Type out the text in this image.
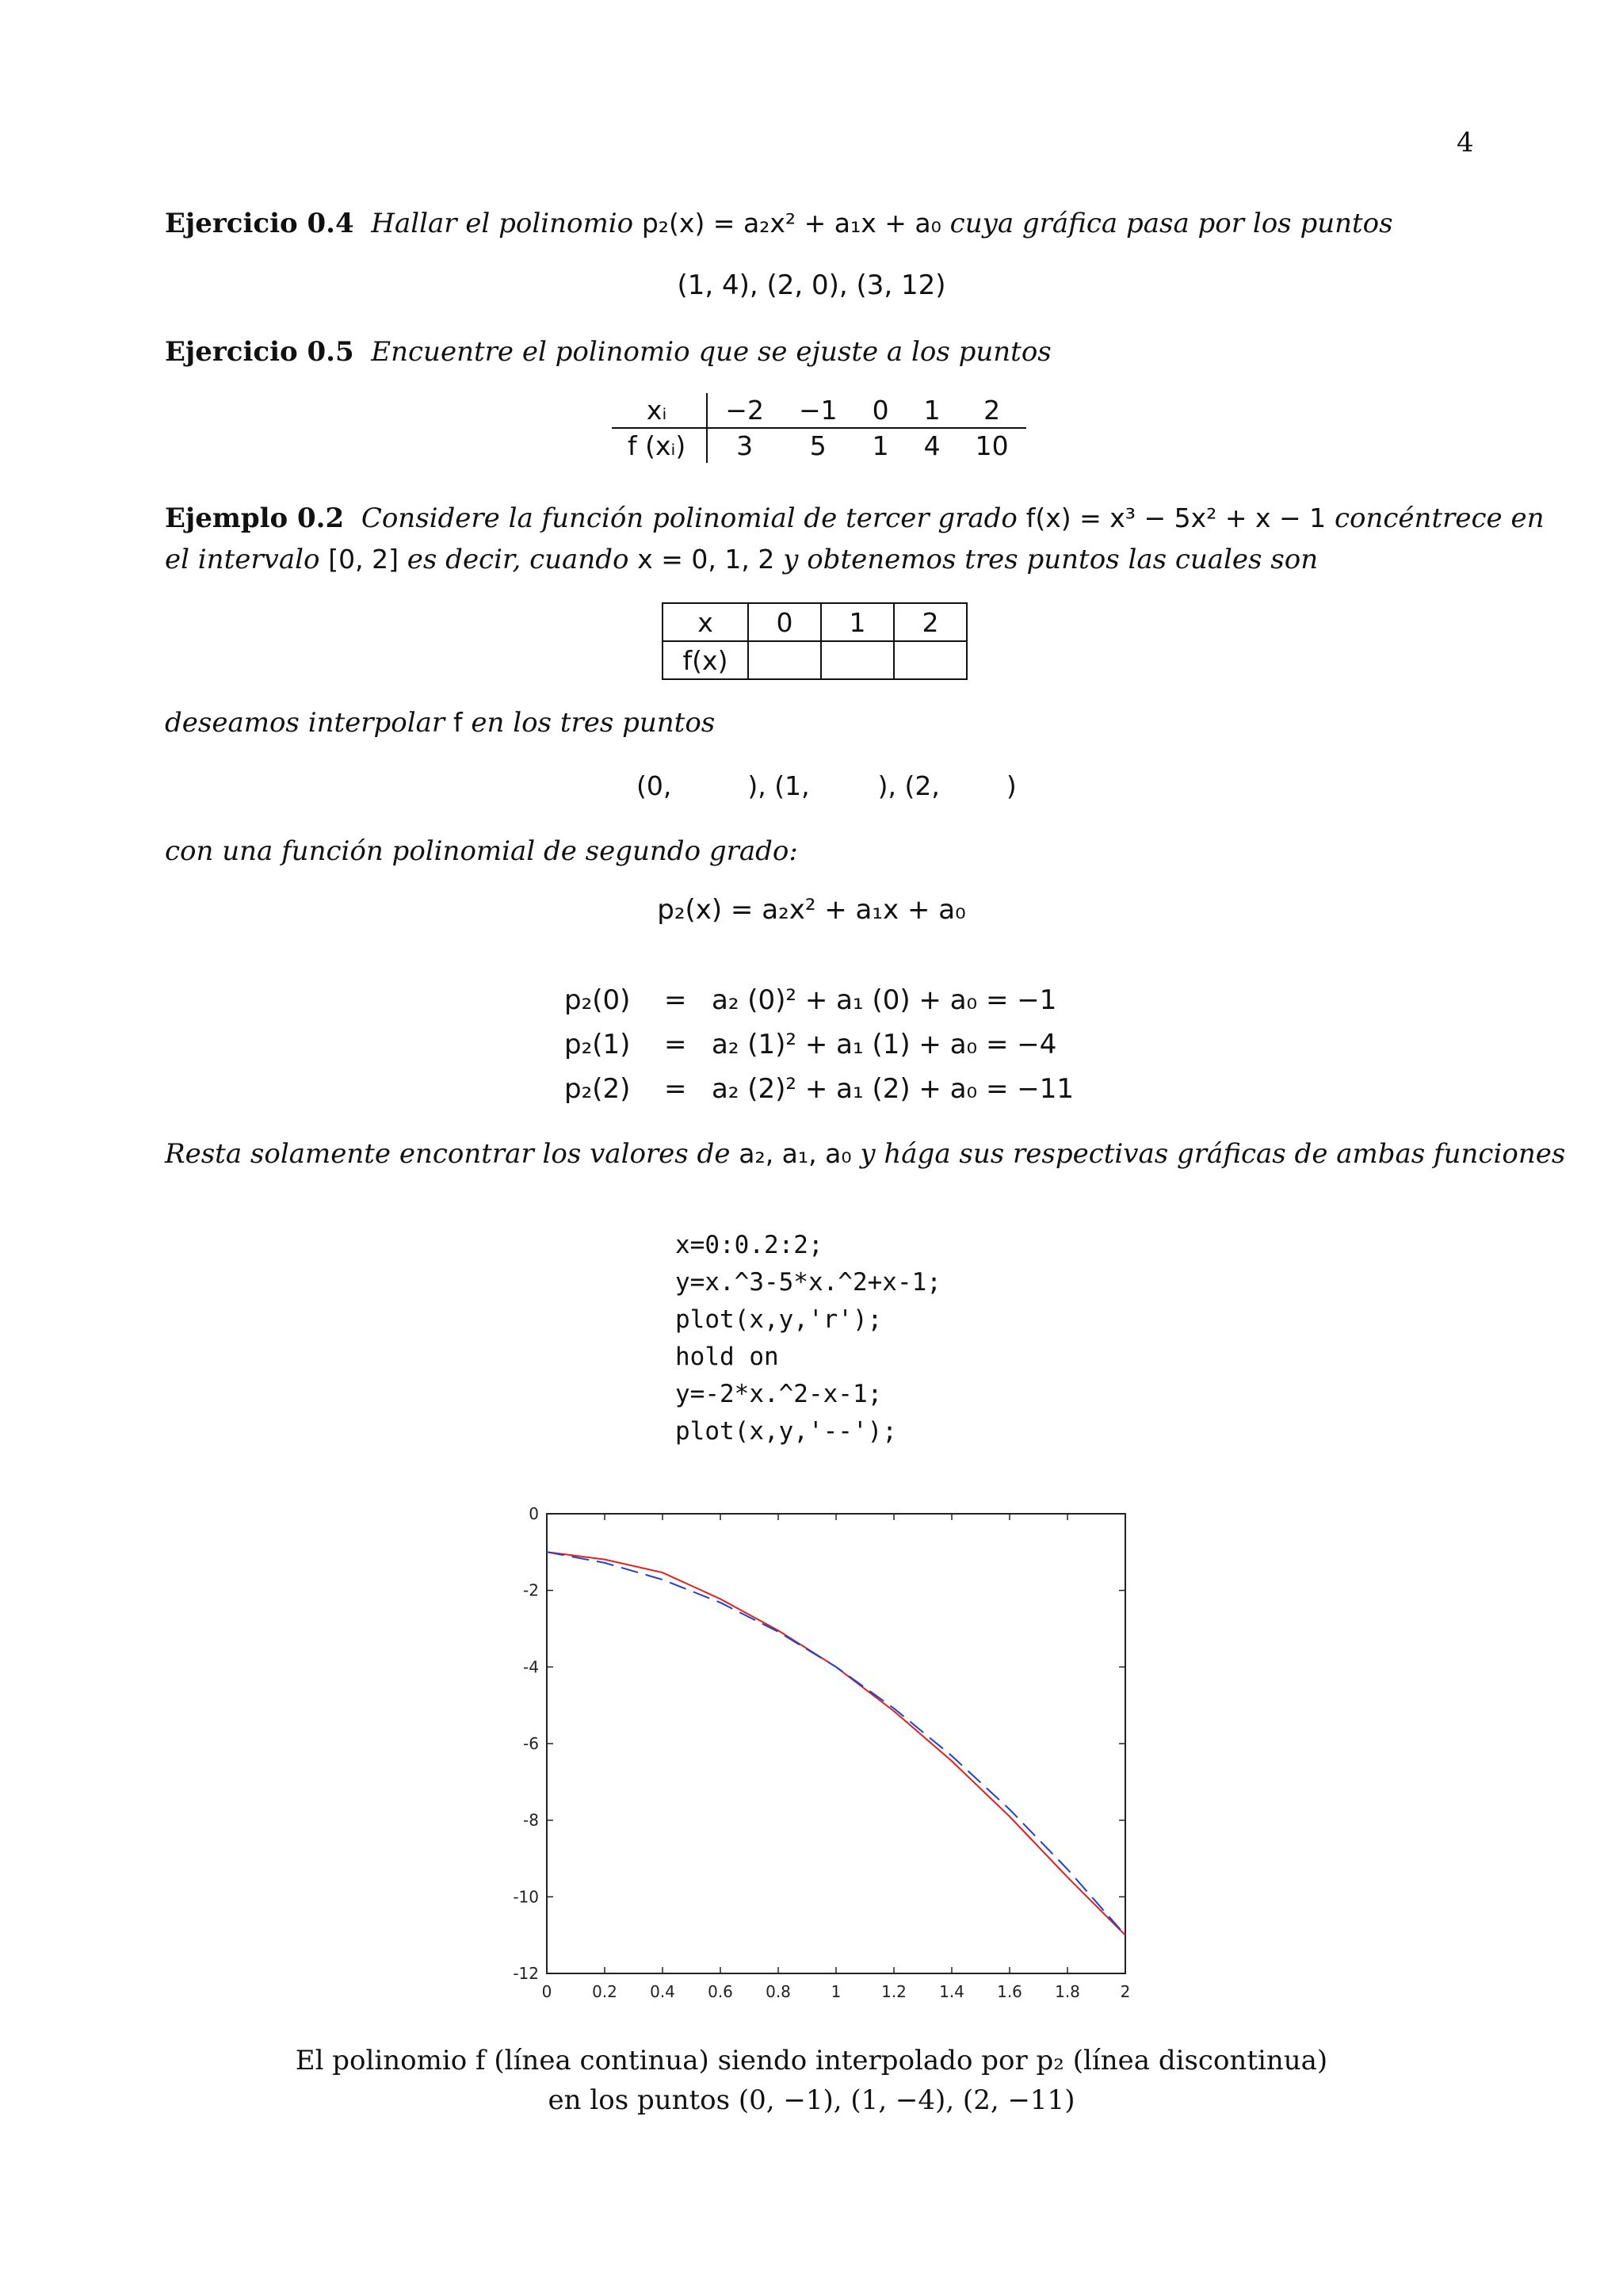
4
Ejercicio 0.4 Hallar el polinomio p₂(x) = a₂x² + a₁x + a₀ cuya gráfica pasa por los puntos
(1, 4), (2, 0), (3, 12)
Ejercicio 0.5 Encuentre el polinomio que se ejuste a los puntos
xᵢ	−2	−1	0	1	2
f (xᵢ)	3	5	1	4	10
Ejemplo 0.2 Considere la función polinomial de tercer grado f(x) = x³ − 5x² + x − 1 concéntrece en
el intervalo [0, 2] es decir, cuando x = 0, 1, 2 y obtenemos tres puntos las cuales son
x	0	1	2
f(x)			
deseamos interpolar f en los tres puntos
(0,	), (1,	), (2,	)
con una función polinomial de segundo grado:
p₂(x) = a₂x² + a₁x + a₀
p₂(0) = a₂ (0)² + a₁ (0) + a₀ = −1
p₂(1) = a₂ (1)² + a₁ (1) + a₀ = −4
p₂(2) = a₂ (2)² + a₁ (2) + a₀ = −11
Resta solamente encontrar los valores de a₂, a₁, a₀ y hága sus respectivas gráficas de ambas funciones
x=0:0.2:2;
y=x.^3-5*x.^2+x-1;
plot(x,y,'r');
hold on
y=-2*x.^2-x-1;
plot(x,y,'--');
0	0.2 0.4 0.6 0.8	1	1.2 1.4 1.6 1.8	2
0
-2
-4
-6
-8
-10
-12
El polinomio f (línea continua) siendo interpolado por p₂ (línea discontinua)
en los puntos (0, −1), (1, −4), (2, −11)
